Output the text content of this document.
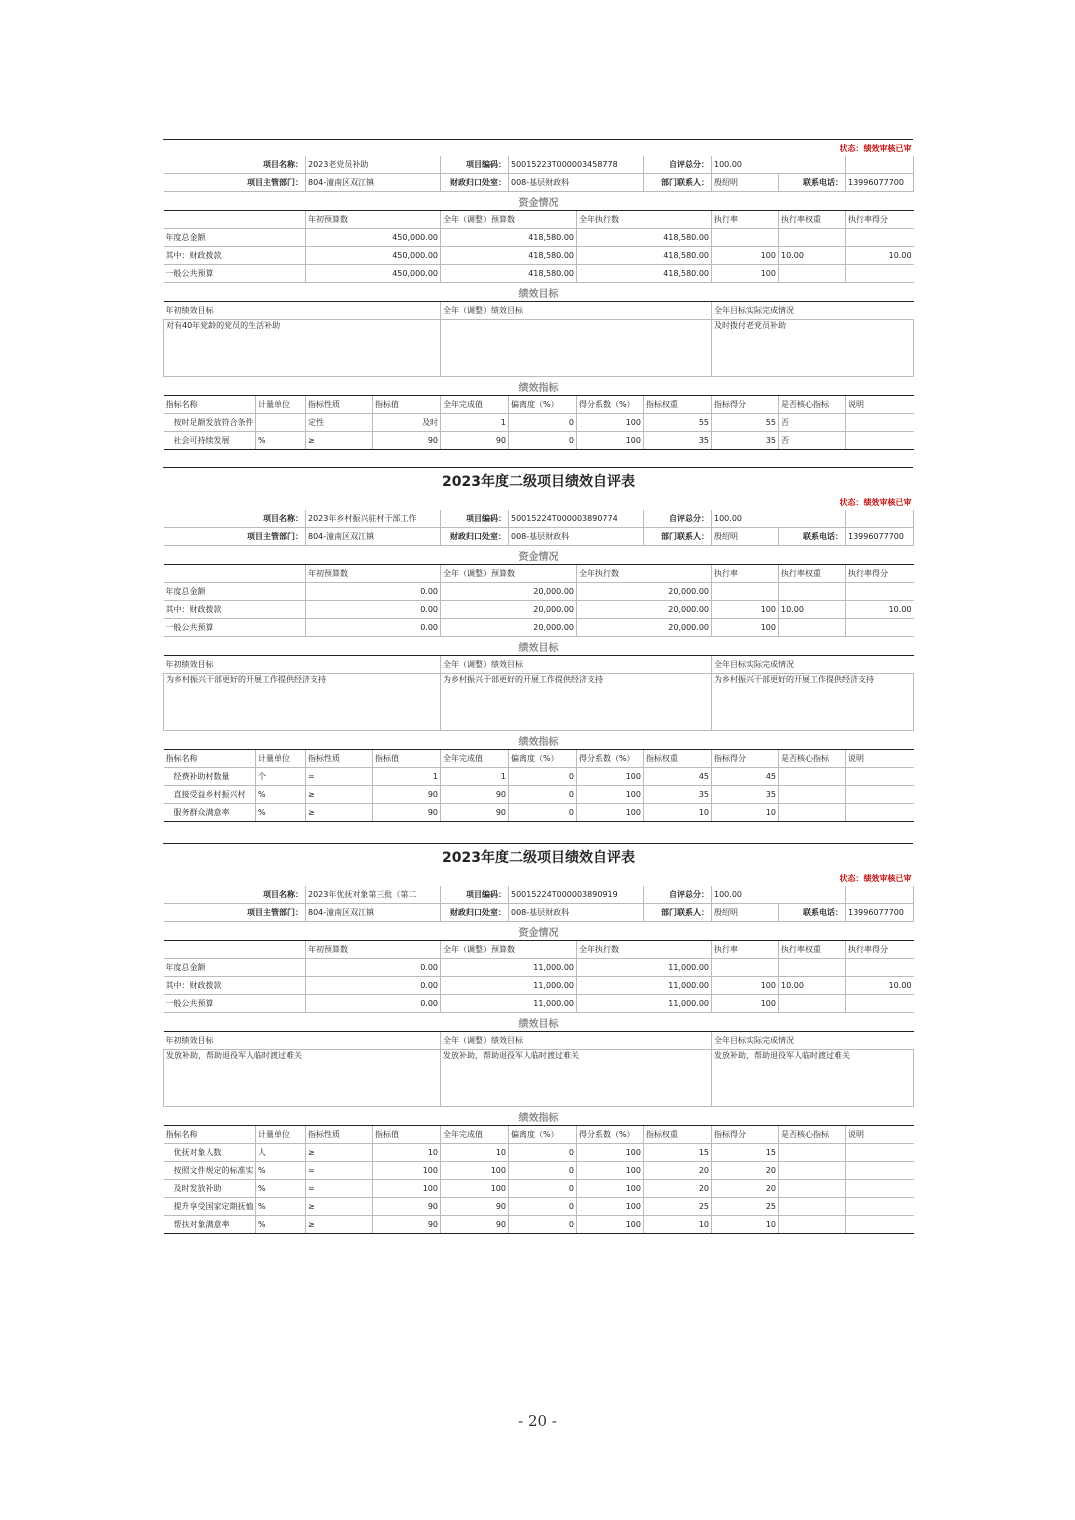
状态：绩效审核已审										
项目名称：		2023老党员补助		项目编码：	50015223T000003458778		自评总分：	100.00		
项目主管部门：		804-潼南区双江镇		财政归口处室：	008-基层财政科		部门联系人：	殷绍明	联系电话：	13996077700
资金情况										
		年初预算数		全年（调整）预算数		全年执行数		执行率	执行率权重	执行率得分
年度总金额		450,000.00		418,580.00		418,580.00				
其中：财政拨款		450,000.00		418,580.00		418,580.00		100	10.00	10.00
一般公共预算		450,000.00		418,580.00		418,580.00		100		
绩效目标										
年初绩效目标				全年（调整）绩效目标				全年目标实际完成情况		
对有40年党龄的党员的生活补助								及时拨付老党员补助		
绩效指标										
指标名称	计量单位	指标性质	指标值	全年完成值	偏离度（%）	得分系数（%）	指标权重	指标得分	是否核心指标	说明
按时足额发放符合条件		定性	及时	1	0	100	55	55	否	
社会可持续发展	%	≥	90	90	0	100	35	35	否	
2023年度二级项目绩效自评表										
状态：绩效审核已审										
项目名称：		2023年乡村振兴驻村干部工作		项目编码：	50015224T000003890774		自评总分：	100.00		
项目主管部门：		804-潼南区双江镇		财政归口处室：	008-基层财政科		部门联系人：	殷绍明	联系电话：	13996077700
资金情况										
		年初预算数		全年（调整）预算数		全年执行数		执行率	执行率权重	执行率得分
年度总金额		0.00		20,000.00		20,000.00				
其中：财政拨款		0.00		20,000.00		20,000.00		100	10.00	10.00
一般公共预算		0.00		20,000.00		20,000.00		100		
绩效目标										
年初绩效目标				全年（调整）绩效目标				全年目标实际完成情况		
为乡村振兴干部更好的开展工作提供经济支持				为乡村振兴干部更好的开展工作提供经济支持				为乡村振兴干部更好的开展工作提供经济支持		
绩效指标										
指标名称	计量单位	指标性质	指标值	全年完成值	偏离度（%）	得分系数（%）	指标权重	指标得分	是否核心指标	说明
经费补助村数量	个	=	1	1	0	100	45	45		
直接受益乡村振兴村	%	≥	90	90	0	100	35	35		
服务群众满意率	%	≥	90	90	0	100	10	10		
2023年度二级项目绩效自评表										
状态：绩效审核已审										
项目名称：		2023年优抚对象第三批（第二		项目编码：	50015224T000003890919		自评总分：	100.00		
项目主管部门：		804-潼南区双江镇		财政归口处室：	008-基层财政科		部门联系人：	殷绍明	联系电话：	13996077700
资金情况										
		年初预算数		全年（调整）预算数		全年执行数		执行率	执行率权重	执行率得分
年度总金额		0.00		11,000.00		11,000.00				
其中：财政拨款		0.00		11,000.00		11,000.00		100	10.00	10.00
一般公共预算		0.00		11,000.00		11,000.00		100		
绩效目标										
年初绩效目标				全年（调整）绩效目标				全年目标实际完成情况		
发放补助，帮助退役军人临时渡过难关				发放补助，帮助退役军人临时渡过难关				发放补助，帮助退役军人临时渡过难关		
绩效指标										
指标名称	计量单位	指标性质	指标值	全年完成值	偏离度（%）	得分系数（%）	指标权重	指标得分	是否核心指标	说明
优抚对象人数	人	≥	10	10	0	100	15	15		
按照文件规定的标准实	%	=	100	100	0	100	20	20		
及时发放补助	%	=	100	100	0	100	20	20		
提升享受国家定期抚恤	%	≥	90	90	0	100	25	25		
帮扶对象满意率	%	≥	90	90	0	100	10	10		
- 20 -
